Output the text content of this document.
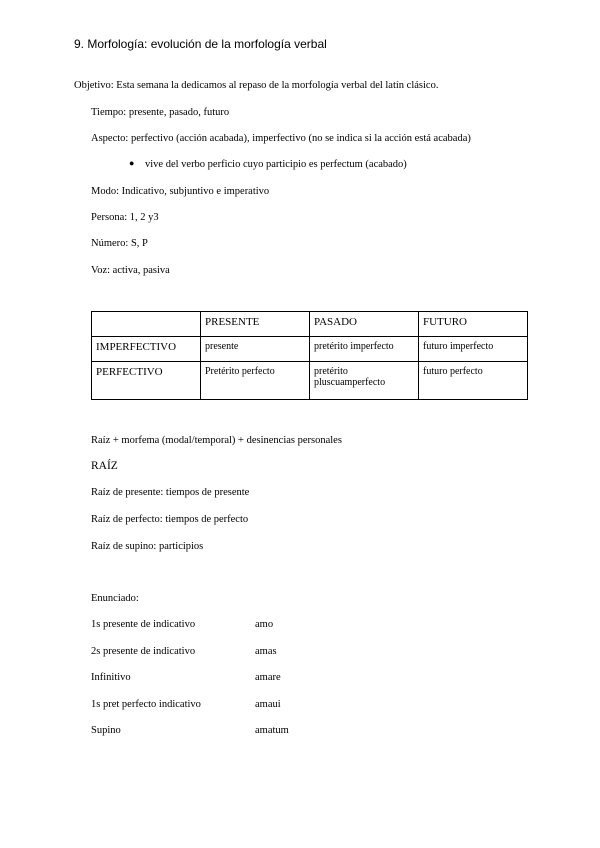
9. Morfología: evolución de la morfología verbal
Objetivo: Esta semana la dedicamos al repaso de la morfología verbal del latín clásico.
Tiempo: presente, pasado, futuro
Aspecto: perfectivo (acción acabada), imperfectivo (no se indica si la acción está acabada)
● vive del verbo perficio cuyo participio es perfectum (acabado)
Modo: Indicativo, subjuntivo e imperativo
Persona: 1, 2 y3
Número: S, P
Voz: activa, pasiva
	PRESENTE	PASADO	FUTURO
IMPERFECTIVO	presente	pretérito imperfecto	futuro imperfecto
PERFECTIVO	Pretérito perfecto	pretérito pluscuamperfecto	futuro perfecto
Raíz + morfema (modal/temporal) + desinencias personales
RAÍZ
Raíz de presente: tiempos de presente
Raíz de perfecto: tiempos de perfecto
Raíz de supino: participios
Enunciado:
1s presente de indicativo	amo
2s presente de indicativo	amas
Infinitivo	amare
1s pret perfecto indicativo	amaui
Supino	amatum
